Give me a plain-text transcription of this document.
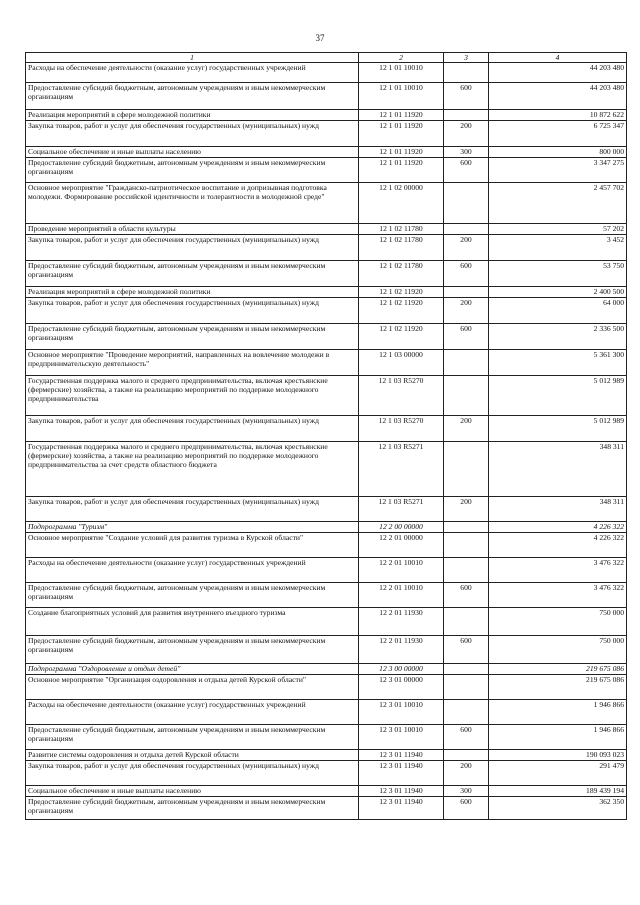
37
1	2	3	4
Расходы на обеспечение деятельности (оказание услуг) государственных учреждений	12 1 01 10010		44 203 480
Предоставление субсидий бюджетным, автономным учреждениям и иным некоммерческим организациям	12 1 01 10010	600	44 203 480
Реализация мероприятий в сфере молодежной политики	12 1 01 11920		10 872 622
Закупка товаров, работ и услуг для обеспечения государственных (муниципальных) нужд	12 1 01 11920	200	6 725 347
Социальное обеспечение и иные выплаты населению	12 1 01 11920	300	800 000
Предоставление субсидий бюджетным, автономным учреждениям и иным некоммерческим организациям	12 1 01 11920	600	3 347 275
Основное мероприятие "Гражданско-патриотическое воспитание и допризывная подготовка молодежи. Формирование российской идентичности и толерантности в молодежной среде"	12 1 02 00000		2 457 702
Проведение мероприятий в области культуры	12 1 02 11780		57 202
Закупка товаров, работ и услуг для обеспечения государственных (муниципальных) нужд	12 1 02 11780	200	3 452
Предоставление субсидий бюджетным, автономным учреждениям и иным некоммерческим организациям	12 1 02 11780	600	53 750
Реализация мероприятий в сфере молодежной политики	12 1 02 11920		2 400 500
Закупка товаров, работ и услуг для обеспечения государственных (муниципальных) нужд	12 1 02 11920	200	64 000
Предоставление субсидий бюджетным, автономным учреждениям и иным некоммерческим организациям	12 1 02 11920	600	2 336 500
Основное мероприятие "Проведение мероприятий, направленных на вовлечение молодежи в предпринимательскую деятельность"	12 1 03 00000		5 361 300
Государственная поддержка малого и среднего предпринимательства, включая крестьянские (фермерские) хозяйства, а также на реализацию мероприятий по поддержке молодежного предпринимательства	12 1 03 R5270		5 012 989
Закупка товаров, работ и услуг для обеспечения государственных (муниципальных) нужд	12 1 03 R5270	200	5 012 989
Государственная поддержка малого и среднего предпринимательства, включая крестьянские (фермерские) хозяйства, а также на реализацию мероприятий по поддержке молодежного предпринимательства за счет средств областного бюджета	12 1 03 R5271		348 311
Закупка товаров, работ и услуг для обеспечения государственных (муниципальных) нужд	12 1 03 R5271	200	348 311
Подпрограмма "Туризм"	12 2 00 00000		4 226 322
Основное мероприятие "Создание условий для развития туризма в Курской области"	12 2 01 00000		4 226 322
Расходы на обеспечение деятельности (оказание услуг) государственных учреждений	12 2 01 10010		3 476 322
Предоставление субсидий бюджетным, автономным учреждениям и иным некоммерческим организациям	12 2 01 10010	600	3 476 322
Создание благоприятных условий для развития внутреннего въездного туризма	12 2 01 11930		750 000
Предоставление субсидий бюджетным, автономным учреждениям и иным некоммерческим организациям	12 2 01 11930	600	750 000
Подпрограмма "Оздоровление и отдых детей"	12 3 00 00000		219 675 086
Основное мероприятие "Организация оздоровления и отдыха детей Курской области"	12 3 01 00000		219 675 086
Расходы на обеспечение деятельности (оказание услуг) государственных учреждений	12 3 01 10010		1 946 866
Предоставление субсидий бюджетным, автономным учреждениям и иным некоммерческим организациям	12 3 01 10010	600	1 946 866
Развитие системы оздоровления и отдыха детей Курской области	12 3 01 11940		190 093 023
Закупка товаров, работ и услуг для обеспечения государственных (муниципальных) нужд	12 3 01 11940	200	291 479
Социальное обеспечение и иные выплаты населению	12 3 01 11940	300	189 439 194
Предоставление субсидий бюджетным, автономным учреждениям и иным некоммерческим организациям	12 3 01 11940	600	362 350
